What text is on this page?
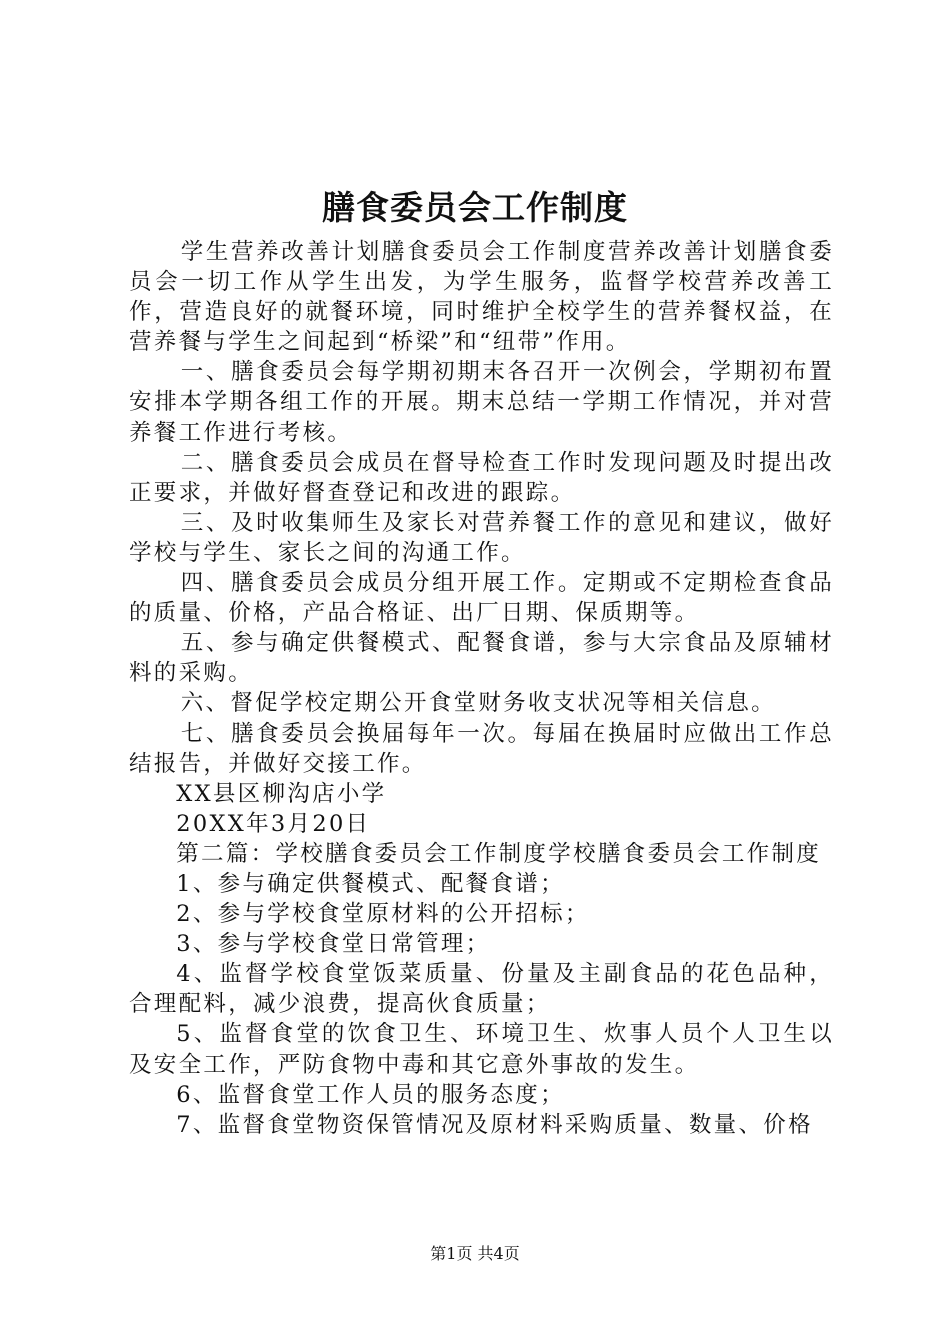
膳食委员会工作制度

学生营养改善计划膳食委员会工作制度营养改善计划膳食委员会一切工作从学生出发，为学生服务，监督学校营养改善工作，营造良好的就餐环境，同时维护全校学生的营养餐权益，在营养餐与学生之间起到“桥梁”和“纽带”作用。

一、膳食委员会每学期初期末各召开一次例会，学期初布置安排本学期各组工作的开展。期末总结一学期工作情况，并对营养餐工作进行考核。

二、膳食委员会成员在督导检查工作时发现问题及时提出改正要求，并做好督查登记和改进的跟踪。

三、及时收集师生及家长对营养餐工作的意见和建议，做好学校与学生、家长之间的沟通工作。

四、膳食委员会成员分组开展工作。定期或不定期检查食品的质量、价格，产品合格证、出厂日期、保质期等。

五、参与确定供餐模式、配餐食谱，参与大宗食品及原辅材料的采购。

六、督促学校定期公开食堂财务收支状况等相关信息。

七、膳食委员会换届每年一次。每届在换届时应做出工作总结报告，并做好交接工作。

XX县区柳沟店小学

20XX年3月20日

第二篇：学校膳食委员会工作制度学校膳食委员会工作制度

1、参与确定供餐模式、配餐食谱；

2、参与学校食堂原材料的公开招标；

3、参与学校食堂日常管理；

4、监督学校食堂饭菜质量、份量及主副食品的花色品种，合理配料，减少浪费，提高伙食质量；

5、监督食堂的饮食卫生、环境卫生、炊事人员个人卫生以及安全工作，严防食物中毒和其它意外事故的发生。

6、监督食堂工作人员的服务态度；

7、监督食堂物资保管情况及原材料采购质量、数量、价格

第1页 共4页
